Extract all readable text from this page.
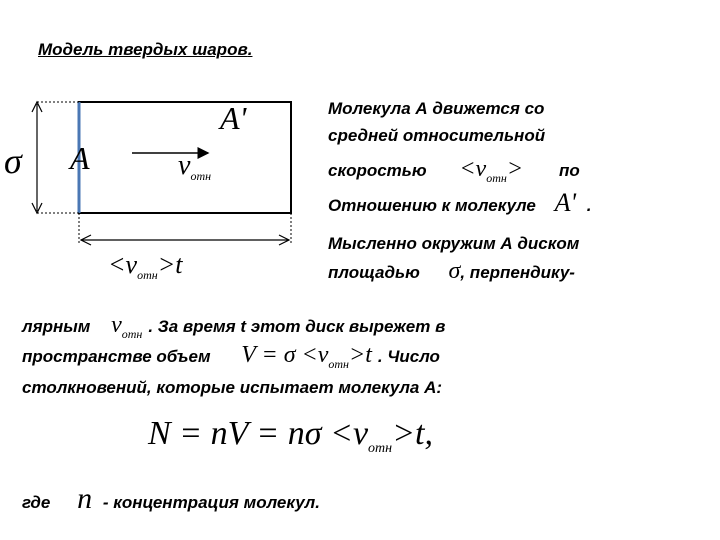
Модель твердых шаров.
σ A
A'
$v_{отн}$
$<v_{отн}>t$
Молекула А движется со
средней относительной
скоростью $<v_{отн}>$ по
Отношению к молекуле A' .
Мысленно окружим А диском
площадью σ, перпендику-
лярным $v_{отн}$ . За время t этот диск вырежет в
пространстве объем $V = \sigma <v_{отн}>t$ . Число
столкновений, которые испытает молекула А:
N = nV = $n\sigma <v_{отн}>t$,
где n - концентрация молекул.
